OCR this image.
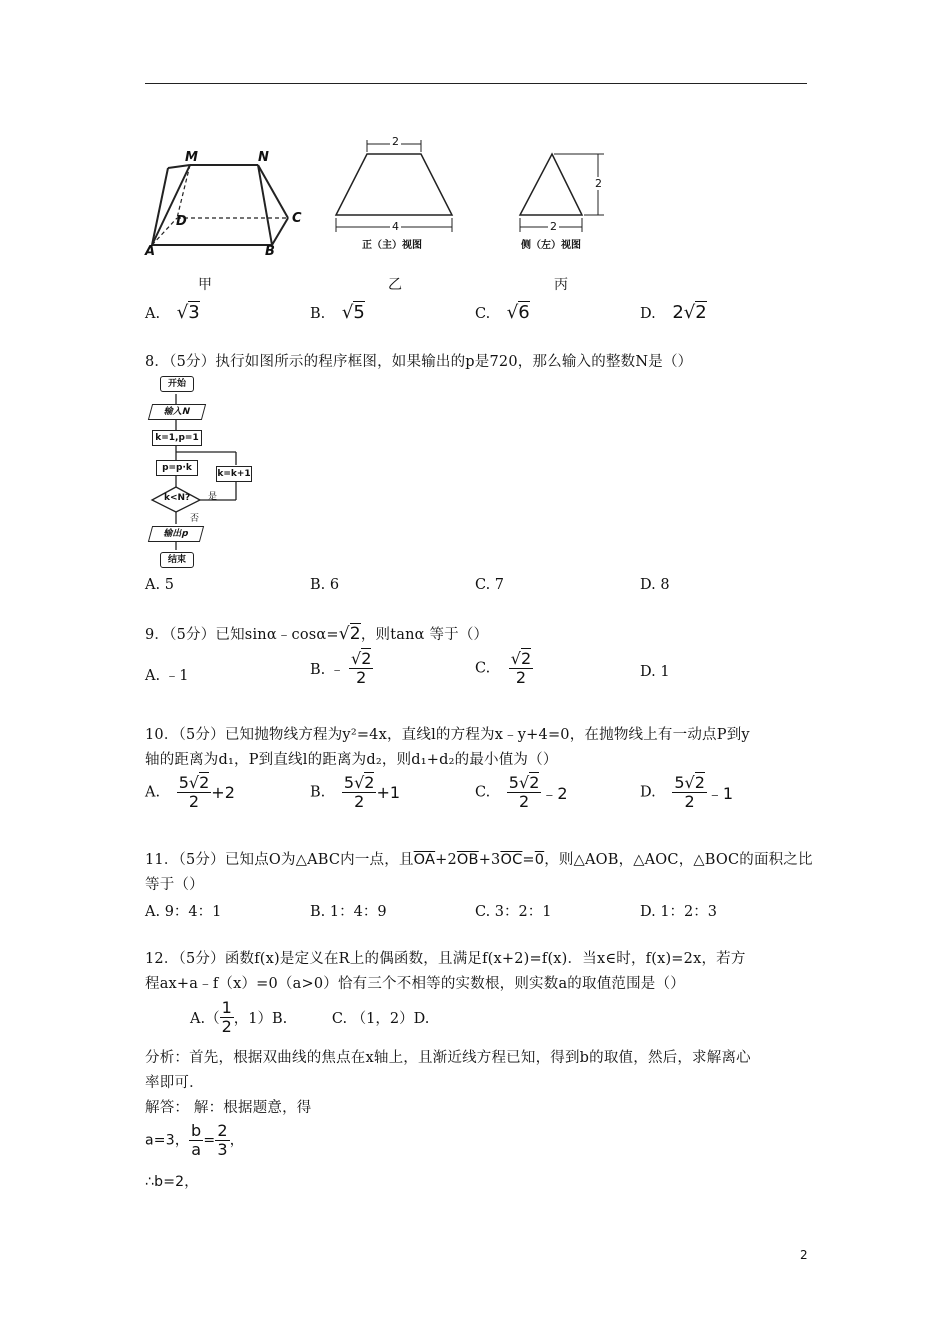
M	N
D	C
A	B
2
4
正（主）视图
2
2
侧（左）视图
甲	乙	丙
A. √3	B. √5	C. √6	D. 2√2
8．（5分）执行如图所示的程序框图，如果输出的p是720，那么输入的整数N是（）
开始
输入N
k=1,p=1
p=p·k
k=k+1
k<N? 是
否
输出p
结束
A. 5	B. 6	C. 7	D. 8
9．（5分）已知sinα﹣cosα=√2，则tanα 等于（）
A. ﹣1	B. ﹣ $\frac{√2}{2}$	C. $\frac{√2}{2}$	D. 1
10．（5分）已知抛物线方程为y²=4x，直线l的方程为x﹣y+4=0，在抛物线上有一动点P到y
轴的距离为d₁，P到直线l的距离为d₂，则d₁+d₂的最小值为（）
A. $\frac{5√2}{2} +2$	B. $\frac{5√2}{2} +1$	C. $\frac{5√2}{2}$ ﹣2	D. $\frac{5√2}{2}$ ﹣1
11．（5分）已知点O为△ABC内一点，且$\overline{OA}+2\overline{OB}+3\overline{OC}=0$，则△AOB，△AOC，△BOC的面积之比
等于（）
A. 9：4：1	B. 1：4：9	C. 3：2：1	D. 1：2：3
12．（5分）函数f(x)是定义在R上的偶函数，且满足f(x+2)=f(x)．当x∈时，f(x)=2x，若方
程ax+a﹣f（x）=0（a>0）恰有三个不相等的实数根，则实数a的取值范围是（）
$A.( \frac{1}{2}$ ，1）B.	C. （1，2）D.
分析：首先，根据双曲线的焦点在x轴上，且渐近线方程已知，得到b的取值，然后，求解离心
率即可．
解答： 解：根据题意，得
a=3， $\frac{b}{a} = \frac{2}{3}$ ，
∴b=2，
2
